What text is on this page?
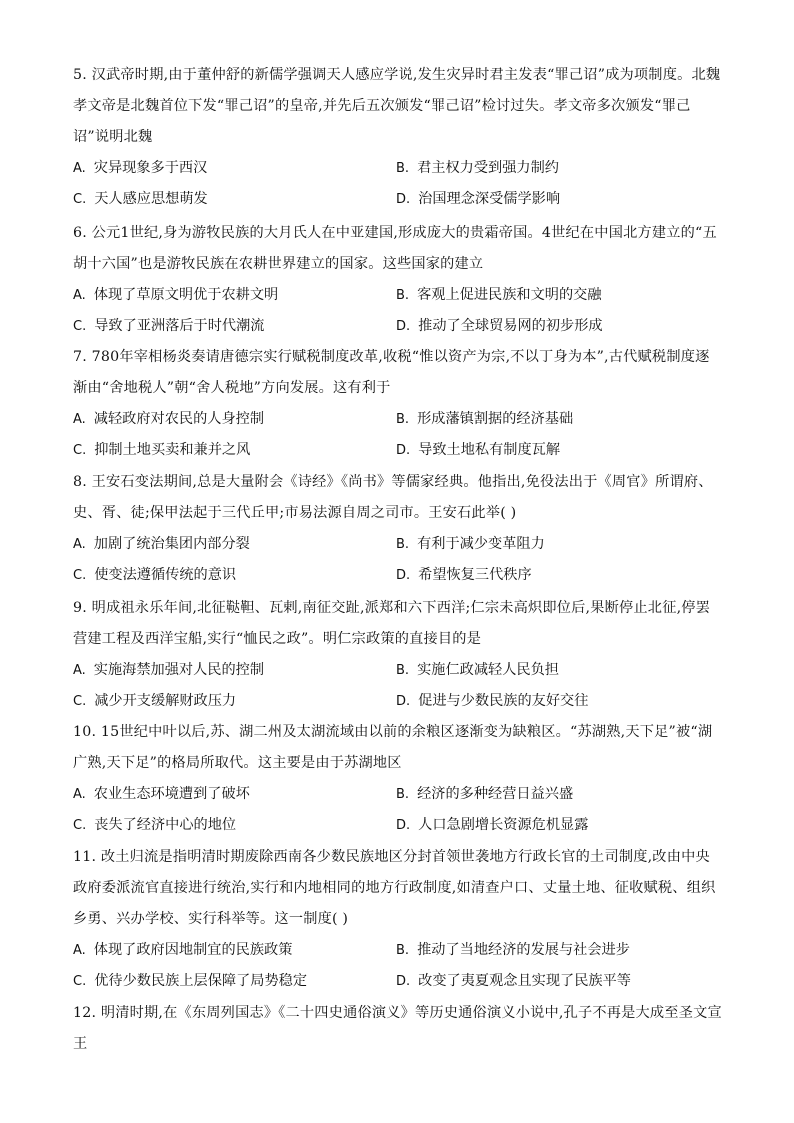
5. 汉武帝时期,由于董仲舒的新儒学强调天人感应学说,发生灾异时君主发表“罪己诏”成为项制度。北魏孝文帝是北魏首位下发“罪己诏”的皇帝,并先后五次颁发“罪己诏”检讨过失。孝文帝多次颁发“罪己诏”说明北魏

A. 灾异现象多于西汉	B. 君主权力受到强力制约
C. 天人感应思想萌发	D. 治国理念深受儒学影响

6. 公元1世纪,身为游牧民族的大月氏人在中亚建国,形成庞大的贵霜帝国。4世纪在中国北方建立的“五胡十六国”也是游牧民族在农耕世界建立的国家。这些国家的建立

A. 体现了草原文明优于农耕文明	B. 客观上促进民族和文明的交融
C. 导致了亚洲落后于时代潮流	D. 推动了全球贸易网的初步形成

7. 780年宰相杨炎奏请唐德宗实行赋税制度改革,收税“惟以资产为宗,不以丁身为本”,古代赋税制度逐渐由“舍地税人”朝“舍人税地”方向发展。这有利于

A. 减轻政府对农民的人身控制	B. 形成藩镇割据的经济基础
C. 抑制土地买卖和兼并之风	D. 导致土地私有制度瓦解

8. 王安石变法期间,总是大量附会《诗经》《尚书》等儒家经典。他指出,免役法出于《周官》所谓府、史、胥、徒;保甲法起于三代丘甲;市易法源自周之司市。王安石此举( )

A. 加剧了统治集团内部分裂	B. 有利于减少变革阻力
C. 使变法遵循传统的意识	D. 希望恢复三代秩序

9. 明成祖永乐年间,北征鞑靼、瓦剌,南征交趾,派郑和六下西洋;仁宗未高炽即位后,果断停止北征,停罢营建工程及西洋宝船,实行“恤民之政”。明仁宗政策的直接目的是

A. 实施海禁加强对人民的控制	B. 实施仁政减轻人民负担
C. 减少开支缓解财政压力	D. 促进与少数民族的友好交往

10. 15世纪中叶以后,苏、湖二州及太湖流域由以前的余粮区逐渐变为缺粮区。“苏湖熟,天下足”被“湖广熟,天下足”的格局所取代。这主要是由于苏湖地区

A. 农业生态环境遭到了破坏	B. 经济的多种经营日益兴盛
C. 丧失了经济中心的地位	D. 人口急剧增长资源危机显露

11. 改土归流是指明清时期废除西南各少数民族地区分封首领世袭地方行政长官的土司制度,改由中央政府委派流官直接进行统治,实行和内地相同的地方行政制度,如清查户口、丈量土地、征收赋税、组织乡勇、兴办学校、实行科举等。这一制度( )

A. 体现了政府因地制宜的民族政策	B. 推动了当地经济的发展与社会进步
C. 优待少数民族上层保障了局势稳定	D. 改变了夷夏观念且实现了民族平等

12. 明清时期,在《东周列国志》《二十四史通俗演义》等历史通俗演义小说中,孔子不再是大成至圣文宣王
